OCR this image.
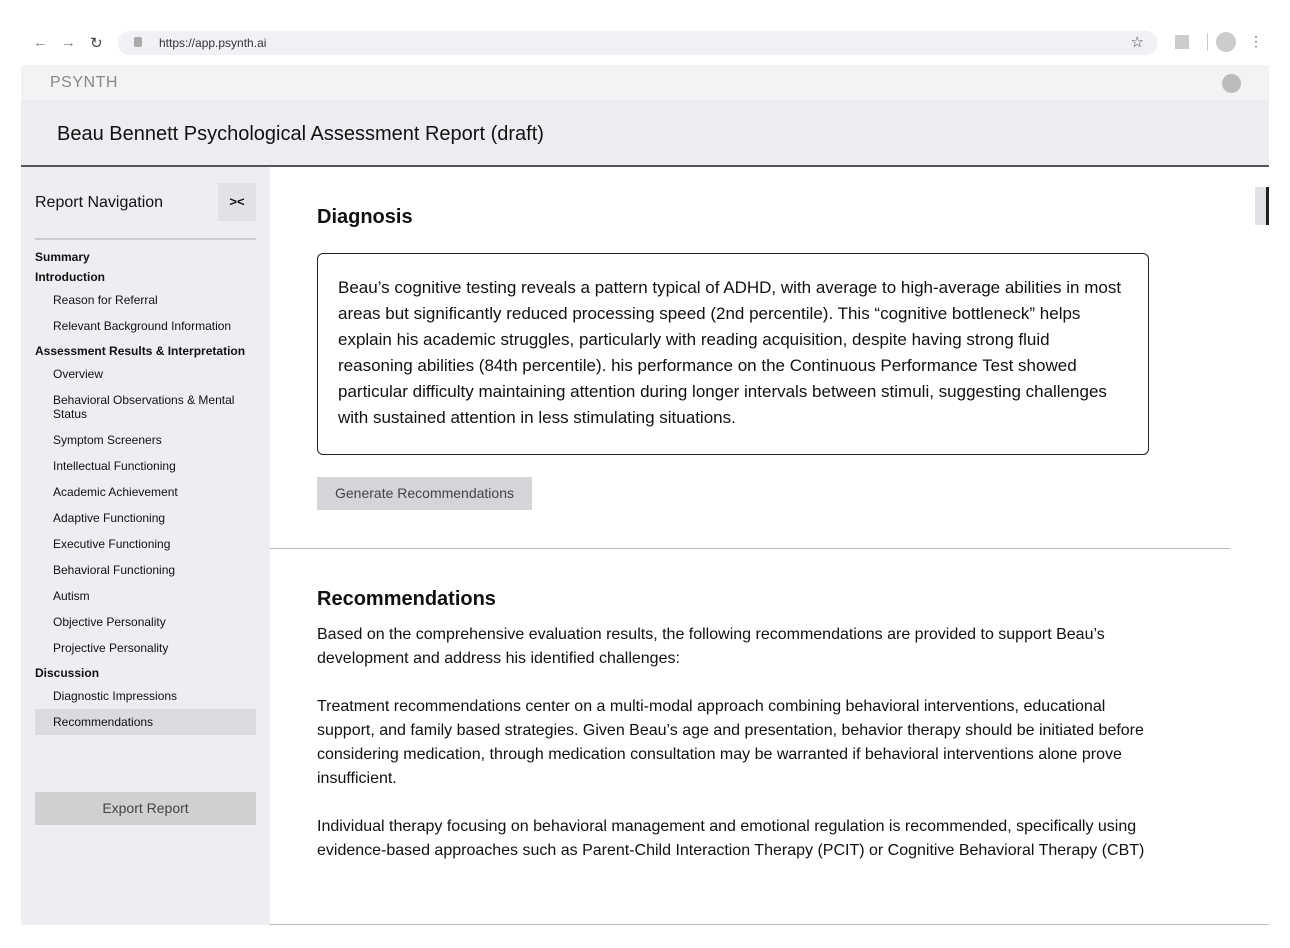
← → ↻	https://app.psynth.ai	☆	⋮
PSYNTH
Beau Bennett Psychological Assessment Report (draft)
Report Navigation	><
Summary
Introduction
Reason for Referral
Relevant Background Information
Assessment Results & Interpretation
Overview
Behavioral Observations & Mental Status
Symptom Screeners
Intellectual Functioning
Academic Achievement
Adaptive Functioning
Executive Functioning
Behavioral Functioning
Autism
Objective Personality
Projective Personality
Discussion
Diagnostic Impressions
Recommendations
Export Report
Diagnosis
Beau’s cognitive testing reveals a pattern typical of ADHD, with average to high-average abilities in most areas but significantly reduced processing speed (2nd percentile). This “cognitive bottleneck” helps explain his academic struggles, particularly with reading acquisition, despite having strong fluid reasoning abilities (84th percentile). his performance on the Continuous Performance Test showed particular difficulty maintaining attention during longer intervals between stimuli, suggesting challenges with sustained attention in less stimulating situations.
Generate Recommendations
Recommendations

Based on the comprehensive evaluation results, the following recommendations are provided to support Beau’s development and address his identified challenges:

Treatment recommendations center on a multi-modal approach combining behavioral interventions, educational support, and family based strategies. Given Beau’s age and presentation, behavior therapy should be initiated before considering medication, through medication consultation may be warranted if behavioral interventions alone prove insufficient.

Individual therapy focusing on behavioral management and emotional regulation is recommended, specifically using evidence-based approaches such as Parent-Child Interaction Therapy (PCIT) or Cognitive Behavioral Therapy (CBT)
